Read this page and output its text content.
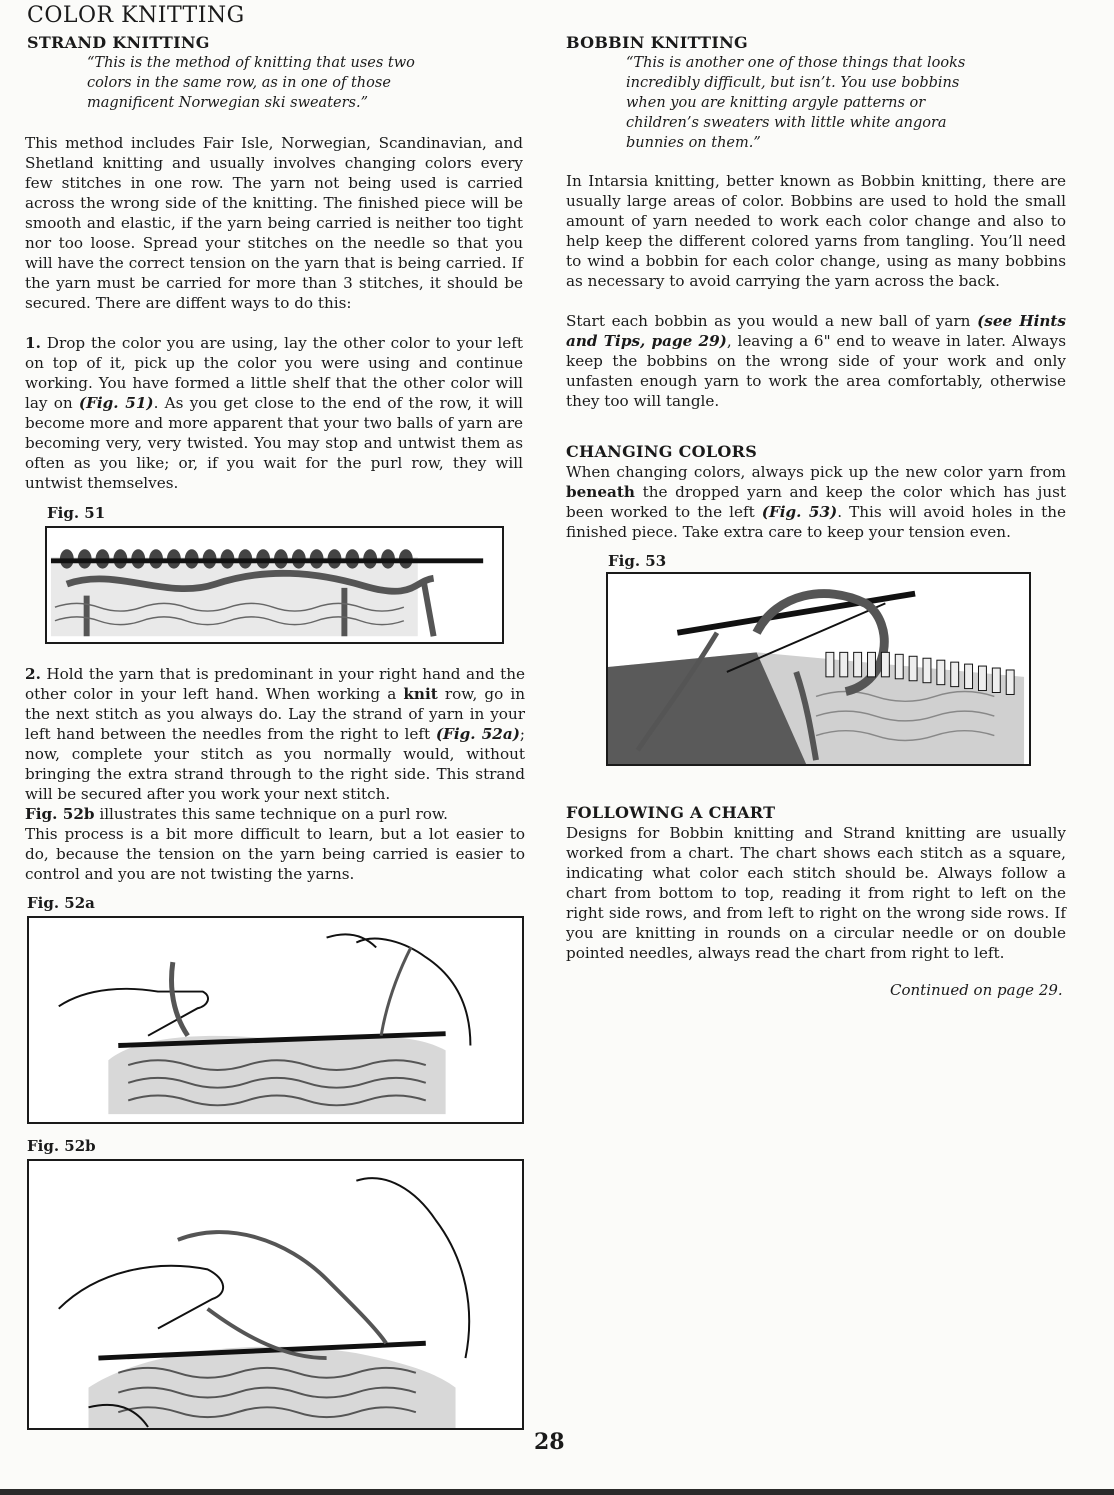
COLOR KNITTING
STRAND KNITTING
“This is the method of knitting that uses two colors in the same row, as in one of those magnificent Norwegian ski sweaters.”
This method includes Fair Isle, Norwegian, Scandinavian, and Shetland knitting and usually involves changing colors every few stitches in one row. The yarn not being used is carried across the wrong side of the knitting. The finished piece will be smooth and elastic, if the yarn being carried is neither too tight nor too loose. Spread your stitches on the needle so that you will have the correct tension on the yarn that is being carried. If the yarn must be carried for more than 3 stitches, it should be secured. There are diffent ways to do this:
1. Drop the color you are using, lay the other color to your left on top of it, pick up the color you were using and continue working. You have formed a little shelf that the other color will lay on (Fig. 51). As you get close to the end of the row, it will become more and more apparent that your two balls of yarn are becoming very, very twisted. You may stop and untwist them as often as you like; or, if you wait for the purl row, they will untwist themselves.
Fig. 51
2. Hold the yarn that is predominant in your right hand and the other color in your left hand. When working a knit row, go in the next stitch as you always do. Lay the strand of yarn in your left hand between the needles from the right to left (Fig. 52a); now, complete your stitch as you normally would, without bringing the extra strand through to the right side. This strand will be secured after you work your next stitch.
Fig. 52b illustrates this same technique on a purl row.
This process is a bit more difficult to learn, but a lot easier to do, because the tension on the yarn being carried is easier to control and you are not twisting the yarns.
Fig. 52a
Fig. 52b
BOBBIN KNITTING
“This is another one of those things that looks incredibly difficult, but isn’t. You use bobbins when you are knitting argyle patterns or children’s sweaters with little white angora bunnies on them.”
In Intarsia knitting, better known as Bobbin knitting, there are usually large areas of color. Bobbins are used to hold the small amount of yarn needed to work each color change and also to help keep the different colored yarns from tangling. You’ll need to wind a bobbin for each color change, using as many bobbins as necessary to avoid carrying the yarn across the back.
Start each bobbin as you would a new ball of yarn (see Hints and Tips, page 29), leaving a 6" end to weave in later. Always keep the bobbins on the wrong side of your work and only unfasten enough yarn to work the area comfortably, otherwise they too will tangle.
CHANGING COLORS
When changing colors, always pick up the new color yarn from beneath the dropped yarn and keep the color which has just been worked to the left (Fig. 53). This will avoid holes in the finished piece. Take extra care to keep your tension even.
Fig. 53
FOLLOWING A CHART
Designs for Bobbin knitting and Strand knitting are usually worked from a chart. The chart shows each stitch as a square, indicating what color each stitch should be. Always follow a chart from bottom to top, reading it from right to left on the right side rows, and from left to right on the wrong side rows. If you are knitting in rounds on a circular needle or on double pointed needles, always read the chart from right to left.
Continued on page 29.
28
